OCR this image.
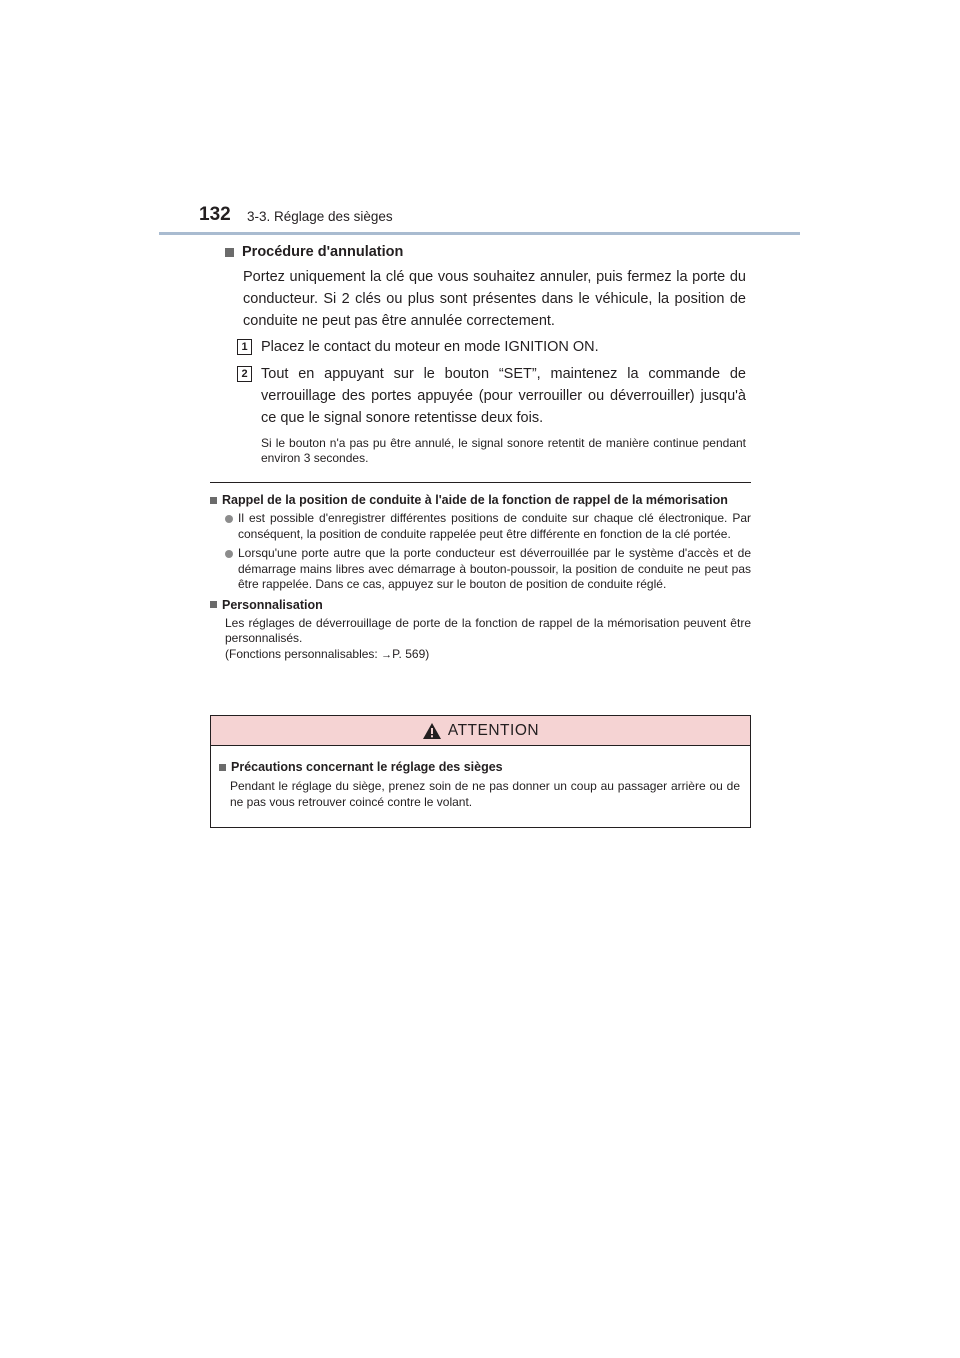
132 3-3. Réglage des sièges
Procédure d'annulation

Portez uniquement la clé que vous souhaitez annuler, puis fermez la porte du conducteur. Si 2 clés ou plus sont présentes dans le véhicule, la position de conduite ne peut pas être annulée correctement.

1 Placez le contact du moteur en mode IGNITION ON.
2 Tout en appuyant sur le bouton “SET”, maintenez la commande de verrouillage des portes appuyée (pour verrouiller ou déverrouiller) jusqu'à ce que le signal sonore retentisse deux fois.
Si le bouton n'a pas pu être annulé, le signal sonore retentit de manière continue pendant environ 3 secondes.
Rappel de la position de conduite à l'aide de la fonction de rappel de la mémorisation
Il est possible d'enregistrer différentes positions de conduite sur chaque clé électronique. Par conséquent, la position de conduite rappelée peut être différente en fonction de la clé portée.
Lorsqu'une porte autre que la porte conducteur est déverrouillée par le système d'accès et de démarrage mains libres avec démarrage à bouton-poussoir, la position de conduite ne peut pas être rappelée. Dans ce cas, appuyez sur le bouton de position de conduite réglé.
Personnalisation
Les réglages de déverrouillage de porte de la fonction de rappel de la mémorisation peuvent être personnalisés.
(Fonctions personnalisables: →P. 569)
ATTENTION
Précautions concernant le réglage des sièges
Pendant le réglage du siège, prenez soin de ne pas donner un coup au passager arrière ou de ne pas vous retrouver coincé contre le volant.
